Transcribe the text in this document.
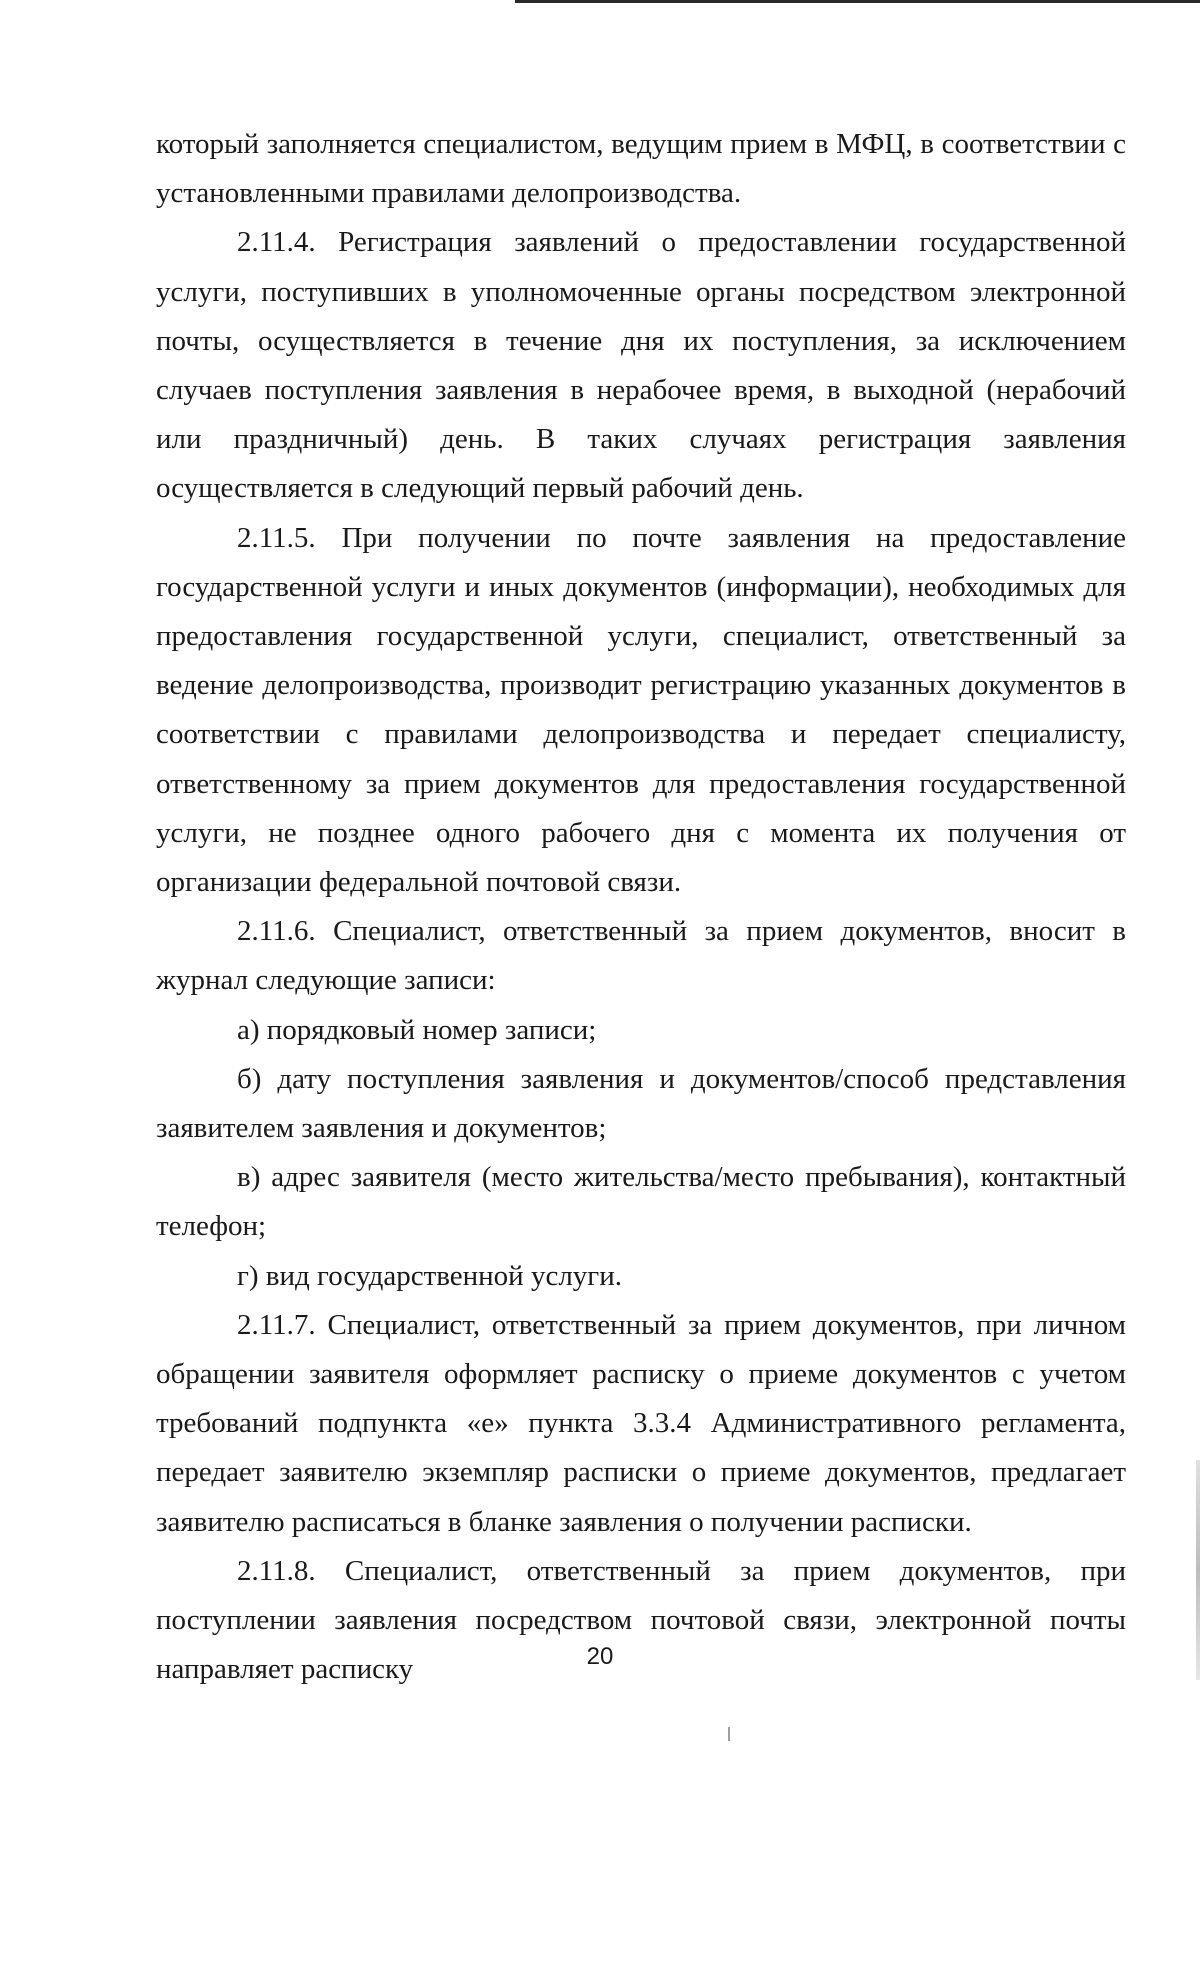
который заполняется специалистом, ведущим прием в МФЦ, в соответствии с установленными правилами делопроизводства.

2.11.4. Регистрация заявлений о предоставлении государственной услуги, поступивших в уполномоченные органы посредством электронной почты, осуществляется в течение дня их поступления, за исключением случаев поступления заявления в нерабочее время, в выходной (нерабочий или праздничный) день. В таких случаях регистрация заявления осуществляется в следующий первый рабочий день.

2.11.5. При получении по почте заявления на предоставление государственной услуги и иных документов (информации), необходимых для предоставления государственной услуги, специалист, ответственный за ведение делопроизводства, производит регистрацию указанных документов в соответствии с правилами делопроизводства и передает специалисту, ответственному за прием документов для предоставления государственной услуги, не позднее одного рабочего дня с момента их получения от организации федеральной почтовой связи.

2.11.6. Специалист, ответственный за прием документов, вносит в журнал следующие записи:

а) порядковый номер записи;

б) дату поступления заявления и документов/способ представления заявителем заявления и документов;

в) адрес заявителя (место жительства/место пребывания), контактный телефон;

г) вид государственной услуги.

2.11.7. Специалист, ответственный за прием документов, при личном обращении заявителя оформляет расписку о приеме документов с учетом требований подпункта «е» пункта 3.3.4 Административного регламента, передает заявителю экземпляр расписки о приеме документов, предлагает заявителю расписаться в бланке заявления о получении расписки.

2.11.8. Специалист, ответственный за прием документов, при поступлении заявления посредством почтовой связи, электронной почты направляет расписку	20
